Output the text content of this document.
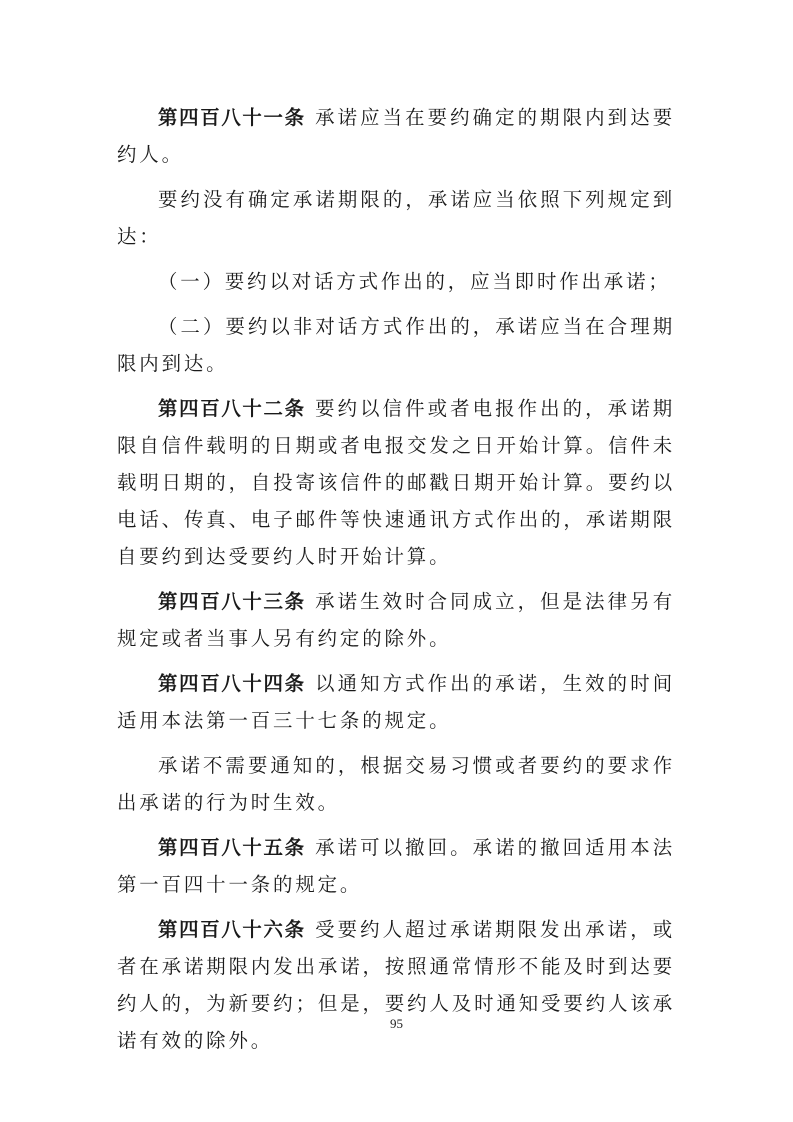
第四百八十一条 承诺应当在要约确定的期限内到达要约人。

要约没有确定承诺期限的，承诺应当依照下列规定到达：

（一）要约以对话方式作出的，应当即时作出承诺；

（二）要约以非对话方式作出的，承诺应当在合理期限内到达。

第四百八十二条 要约以信件或者电报作出的，承诺期限自信件载明的日期或者电报交发之日开始计算。信件未载明日期的，自投寄该信件的邮戳日期开始计算。要约以电话、传真、电子邮件等快速通讯方式作出的，承诺期限自要约到达受要约人时开始计算。

第四百八十三条 承诺生效时合同成立，但是法律另有规定或者当事人另有约定的除外。

第四百八十四条 以通知方式作出的承诺，生效的时间适用本法第一百三十七条的规定。

承诺不需要通知的，根据交易习惯或者要约的要求作出承诺的行为时生效。

第四百八十五条 承诺可以撤回。承诺的撤回适用本法第一百四十一条的规定。

第四百八十六条 受要约人超过承诺期限发出承诺，或者在承诺期限内发出承诺，按照通常情形不能及时到达要约人的，为新要约；但是，要约人及时通知受要约人该承诺有效的除外。

95
